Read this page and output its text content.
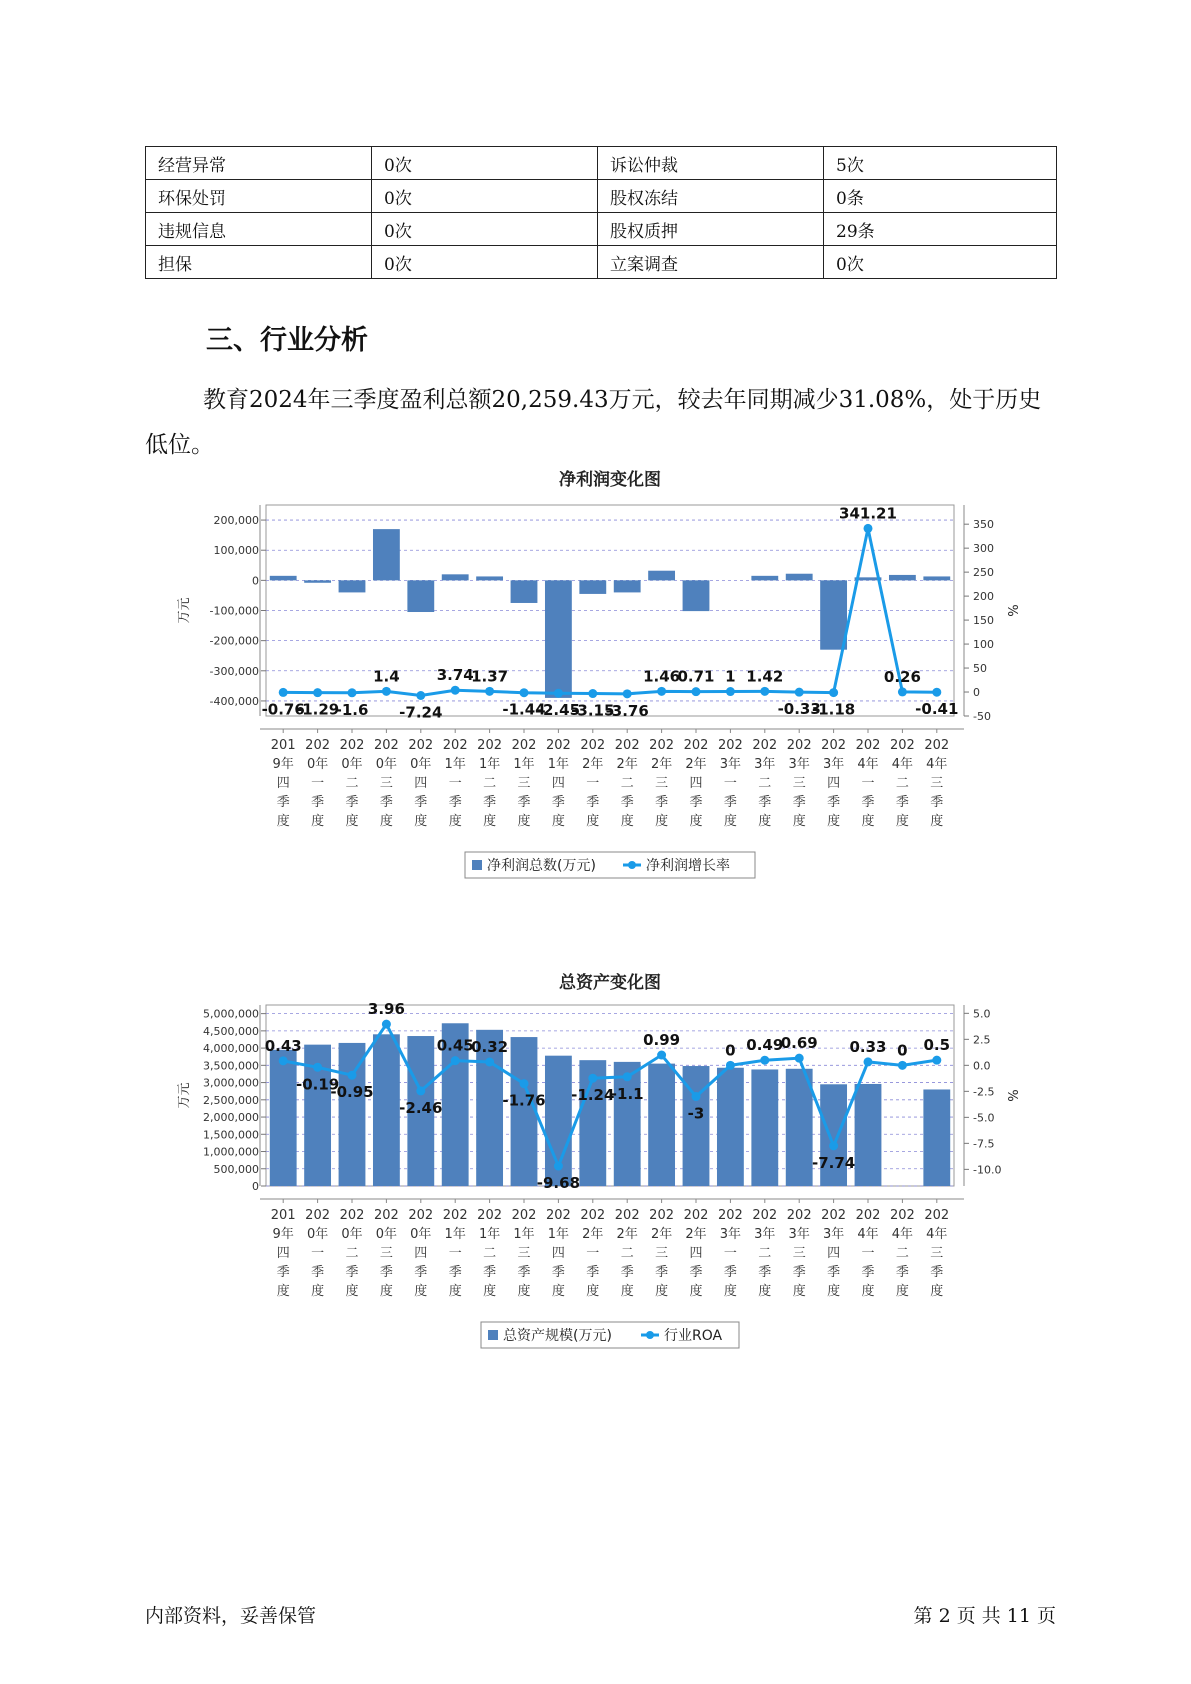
经营异常	0次	诉讼仲裁	5次
环保处罚	0次	股权冻结	0条
违规信息	0次	股权质押	29条
担保	0次	立案调查	0次
三、行业分析

教育2024年三季度盈利总额20,259.43万元，较去年同期减少31.08%，处于历史低位。

净利润变化图
200,000
100,000
0
-100,000
-200,000
-300,000
-400,000
350
300
250
200
150
100
50
0
-50
万元	%
-0.76
-1.29
-1.6
1.4
-7.24
3.74
1.37
-1.44
-2.45
-3.15
-3.76
1.46
0.71 1 1.42
-0.33
-1.18
341.21
0.26
-0.41
201
9年
四
季
度
202
0年
一
季
度
202
0年
二
季
度
202
0年
三
季
度
202
0年
四
季
度
202
1年
一
季
度
202
1年
二
季
度
202
1年
三
季
度
202
1年
四
季
度
202
2年
一
季
度
202
2年
二
季
度
202
2年
三
季
度
202
2年
四
季
度
202
3年
一
季
度
202
3年
二
季
度
202
3年
三
季
度
202
3年
四
季
度
202
4年
一
季
度
202
4年
二
季
度
202
4年
三
季
度
净利润总数(万元)	净利润增长率
总资产变化图
5,000,000
4,500,000
4,000,000
3,500,000
3,000,000
2,500,000
2,000,000
1,500,000
1,000,000
500,000
0
5.0
2.5
0.0
-2.5
-5.0
-7.5
-10.0
万元	%
0.43
-0.19
-0.95
3.96
-2.46
0.45
0.32
-1.76
-9.68
-1.24
-1.1
0.99
-3
0 0.49
0.69
-7.74
0.33 0 0.5
201
9年
四
季
度
202
0年
一
季
度
202
0年
二
季
度
202
0年
三
季
度
202
0年
四
季
度
202
1年
一
季
度
202
1年
二
季
度
202
1年
三
季
度
202
1年
四
季
度
202
2年
一
季
度
202
2年
二
季
度
202
2年
三
季
度
202
2年
四
季
度
202
3年
一
季
度
202
3年
二
季
度
202
3年
三
季
度
202
3年
四
季
度
202
4年
一
季
度
202
4年
二
季
度
202
4年
三
季
度
总资产规模(万元)	行业ROA
内部资料，妥善保管	第 2 页 共 11 页
